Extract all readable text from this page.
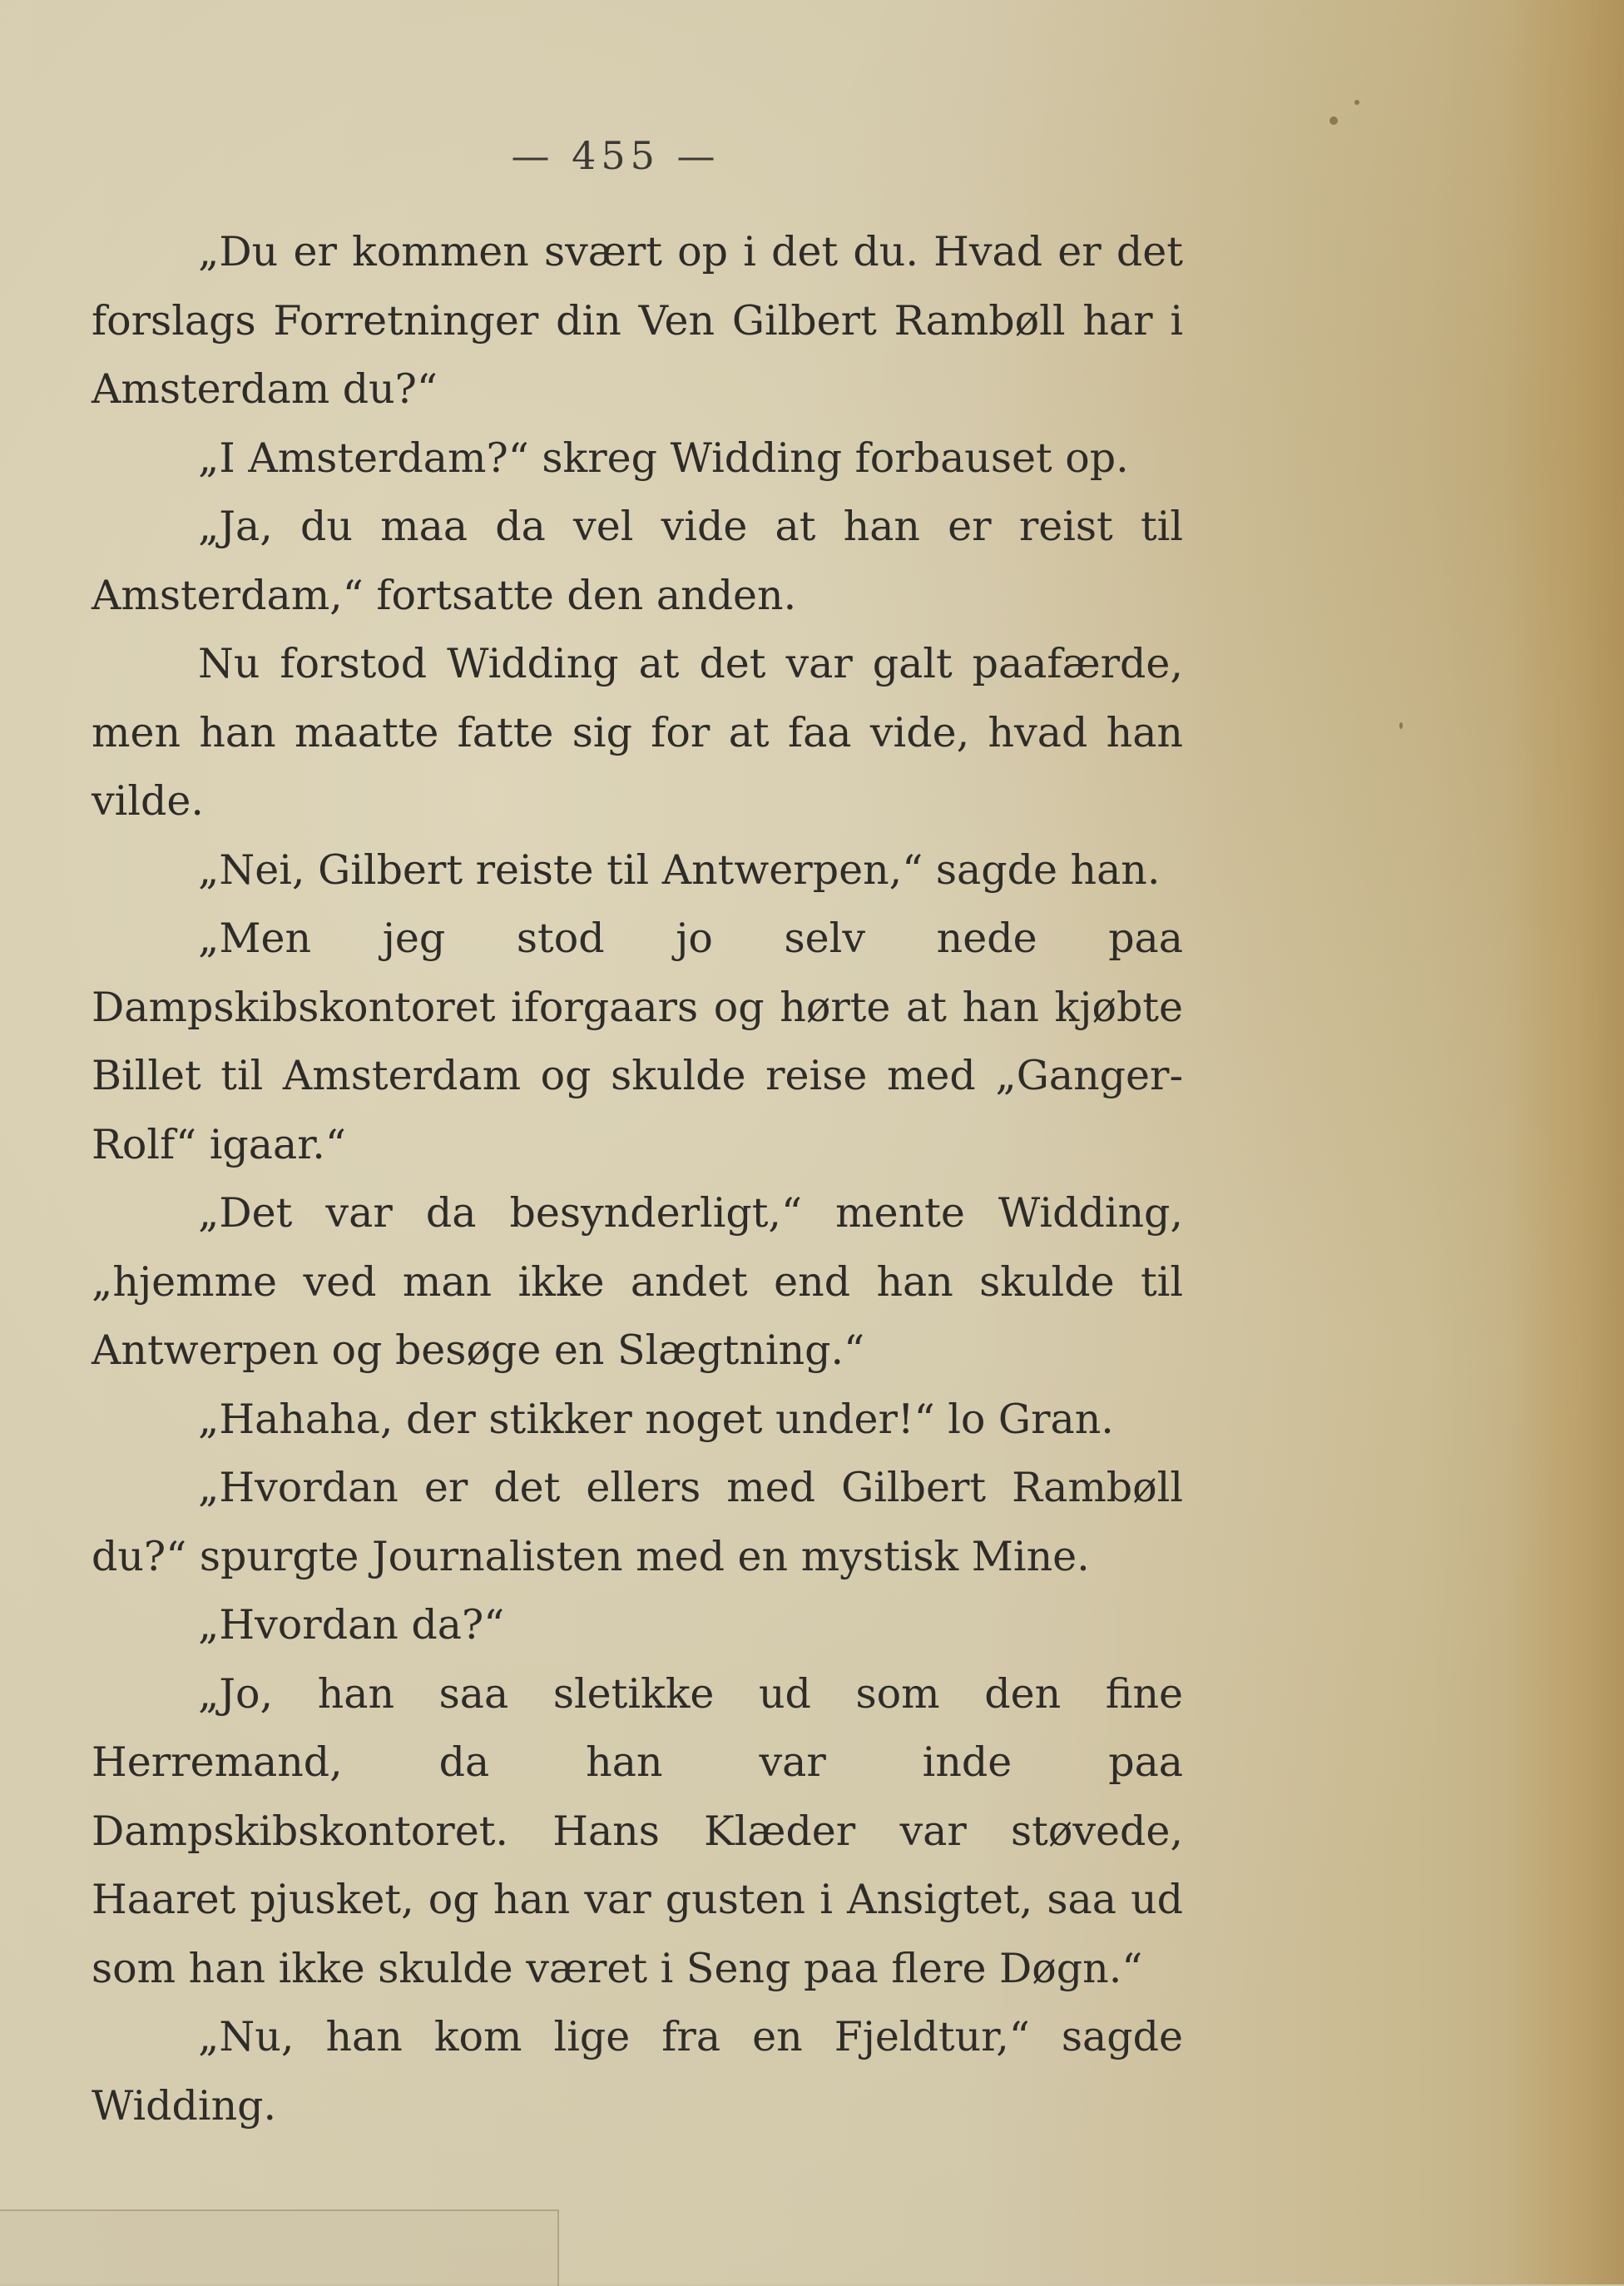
— 455 —

„Du er kommen svært op i det du. Hvad er det forslags Forretninger din Ven Gilbert Rambøll har i Amsterdam du?“

„I Amsterdam?“ skreg Widding forbauset op.

„Ja, du maa da vel vide at han er reist til Amsterdam,“ fortsatte den anden.

Nu forstod Widding at det var galt paafærde, men han maatte fatte sig for at faa vide, hvad han vilde.

„Nei, Gilbert reiste til Antwerpen,“ sagde han.

„Men jeg stod jo selv nede paa Dampskibskontoret iforgaars og hørte at han kjøbte Billet til Amsterdam og skulde reise med „Ganger-Rolf“ igaar.“

„Det var da besynderligt,“ mente Widding, „hjemme ved man ikke andet end han skulde til Antwerpen og besøge en Slægtning.“

„Hahaha, der stikker noget under!“ lo Gran.

„Hvordan er det ellers med Gilbert Rambøll du?“ spurgte Journalisten med en mystisk Mine.

„Hvordan da?“

„Jo, han saa sletikke ud som den fine Herremand, da han var inde paa Dampskibskontoret. Hans Klæder var støvede, Haaret pjusket, og han var gusten i Ansigtet, saa ud som han ikke skulde været i Seng paa flere Døgn.“

„Nu, han kom lige fra en Fjeldtur,“ sagde Widding.
